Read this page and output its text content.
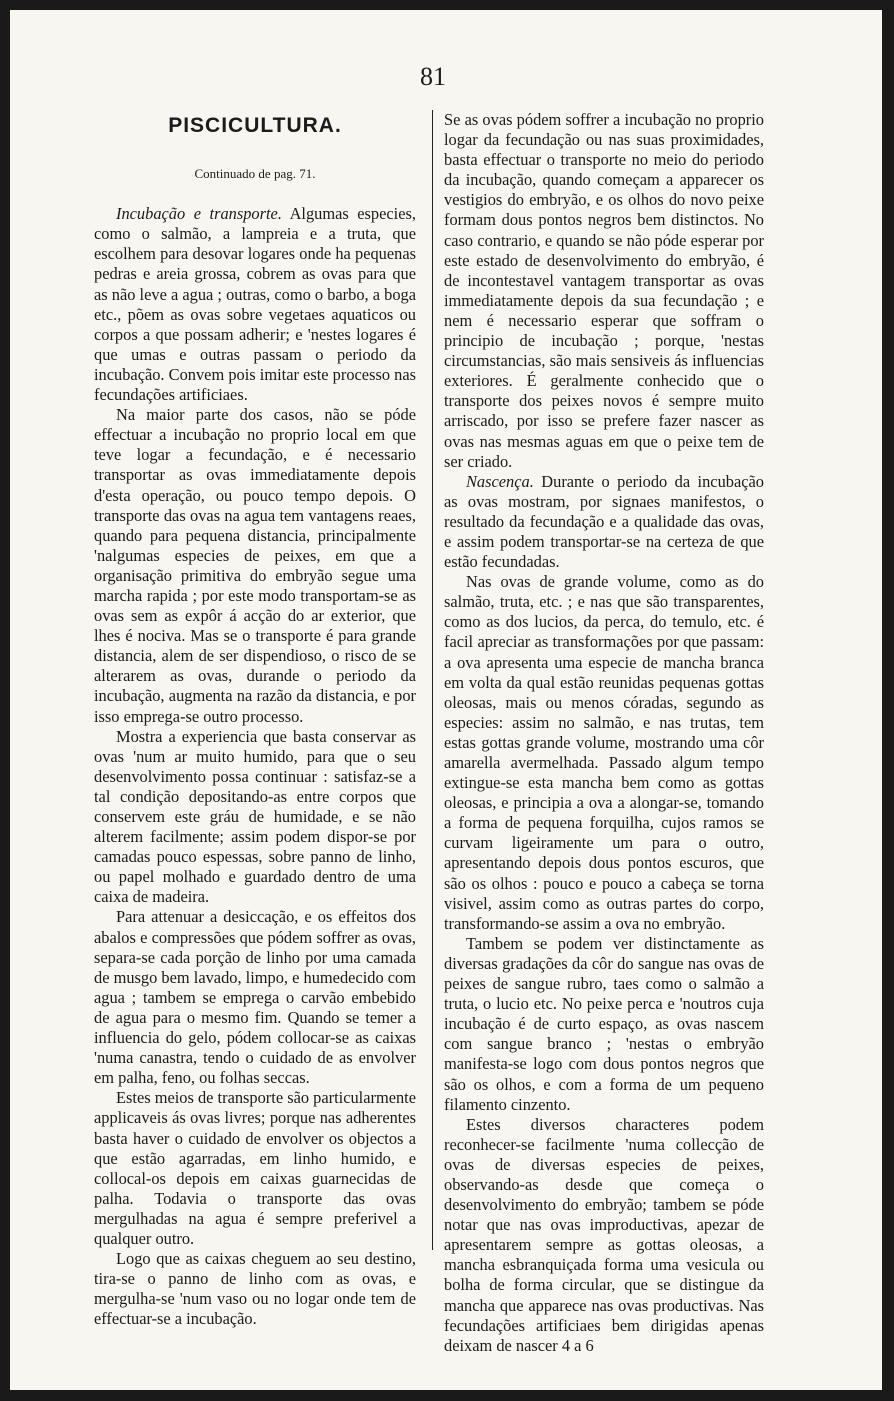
81
PISCICULTURA.
Continuado de pag. 71.

Incubação e transporte. Algumas especies, como o salmão, a lampreia e a truta, que escolhem para desovar logares onde ha pequenas pedras e areia grossa, cobrem as ovas para que as não leve a agua ; outras, como o barbo, a boga etc., põem as ovas sobre vegetaes aquaticos ou corpos a que possam adherir; e 'nestes logares é que umas e outras passam o periodo da incubação. Convem pois imitar este processo nas fecundações artificiaes.

Na maior parte dos casos, não se póde effectuar a incubação no proprio local em que teve logar a fecundação, e é necessario transportar as ovas immediatamente depois d'esta operação, ou pouco tempo depois. O transporte das ovas na agua tem vantagens reaes, quando para pequena distancia, principalmente 'nalgumas especies de peixes, em que a organisação primitiva do embryão segue uma marcha rapida ; por este modo transportam-se as ovas sem as expôr á acção do ar exterior, que lhes é nociva. Mas se o transporte é para grande distancia, alem de ser dispendioso, o risco de se alterarem as ovas, durande o periodo da incubação, augmenta na razão da distancia, e por isso emprega-se outro processo.

Mostra a experiencia que basta conservar as ovas 'num ar muito humido, para que o seu desenvolvimento possa continuar : satisfaz-se a tal condição depositando-as entre corpos que conservem este gráu de humidade, e se não alterem facilmente; assim podem dispor-se por camadas pouco espessas, sobre panno de linho, ou papel molhado e guardado dentro de uma caixa de madeira.

Para attenuar a desiccação, e os effeitos dos abalos e compressões que pódem soffrer as ovas, separa-se cada porção de linho por uma camada de musgo bem lavado, limpo, e humedecido com agua ; tambem se emprega o carvão embebido de agua para o mesmo fim. Quando se temer a influencia do gelo, pódem collocar-se as caixas 'numa canastra, tendo o cuidado de as envolver em palha, feno, ou folhas seccas.

Estes meios de transporte são particularmente applicaveis ás ovas livres; porque nas adherentes basta haver o cuidado de envolver os objectos a que estão agarradas, em linho humido, e collocal-os depois em caixas guarnecidas de palha. Todavia o transporte das ovas mergulhadas na agua é sempre preferivel a qualquer outro.

Logo que as caixas cheguem ao seu destino, tira-se o panno de linho com as ovas, e mergulha-se 'num vaso ou no logar onde tem de effectuar-se a incubação.

Se as ovas pódem soffrer a incubação no proprio logar da fecundação ou nas suas proximidades, basta effectuar o transporte no meio do periodo da incubação, quando começam a apparecer os vestigios do embryão, e os olhos do novo peixe formam dous pontos negros bem distinctos. No caso contrario, e quando se não póde esperar por este estado de desenvolvimento do embryão, é de incontestavel vantagem transportar as ovas immediatamente depois da sua fecundação ; e nem é necessario esperar que soffram o principio de incubação ; porque, 'nestas circumstancias, são mais sensiveis ás influencias exteriores. É geralmente conhecido que o transporte dos peixes novos é sempre muito arriscado, por isso se prefere fazer nascer as ovas nas mesmas aguas em que o peixe tem de ser criado.

Nascença. Durante o periodo da incubação as ovas mostram, por signaes manifestos, o resultado da fecundação e a qualidade das ovas, e assim podem transportar-se na certeza de que estão fecundadas.

Nas ovas de grande volume, como as do salmão, truta, etc. ; e nas que são transparentes, como as dos lucios, da perca, do temulo, etc. é facil apreciar as transformações por que passam: a ova apresenta uma especie de mancha branca em volta da qual estão reunidas pequenas gottas oleosas, mais ou menos córadas, segundo as especies: assim no salmão, e nas trutas, tem estas gottas grande volume, mostrando uma côr amarella avermelhada. Passado algum tempo extingue-se esta mancha bem como as gottas oleosas, e principia a ova a alongar-se, tomando a forma de pequena forquilha, cujos ramos se curvam ligeiramente um para o outro, apresentando depois dous pontos escuros, que são os olhos : pouco e pouco a cabeça se torna visivel, assim como as outras partes do corpo, transformando-se assim a ova no embryão.

Tambem se podem ver distinctamente as diversas gradações da côr do sangue nas ovas de peixes de sangue rubro, taes como o salmão a truta, o lucio etc. No peixe perca e 'noutros cuja incubação é de curto espaço, as ovas nascem com sangue branco ; 'nestas o embryão manifesta-se logo com dous pontos negros que são os olhos, e com a forma de um pequeno filamento cinzento.

Estes diversos characteres podem reconhecer-se facilmente 'numa collecção de ovas de diversas especies de peixes, observando-as desde que começa o desenvolvimento do embryão; tambem se póde notar que nas ovas improductivas, apezar de apresentarem sempre as gottas oleosas, a mancha esbranquiçada forma uma vesicula ou bolha de forma circular, que se distingue da mancha que apparece nas ovas productivas. Nas fecundações artificiaes bem dirigidas apenas deixam de nascer 4 a 6
